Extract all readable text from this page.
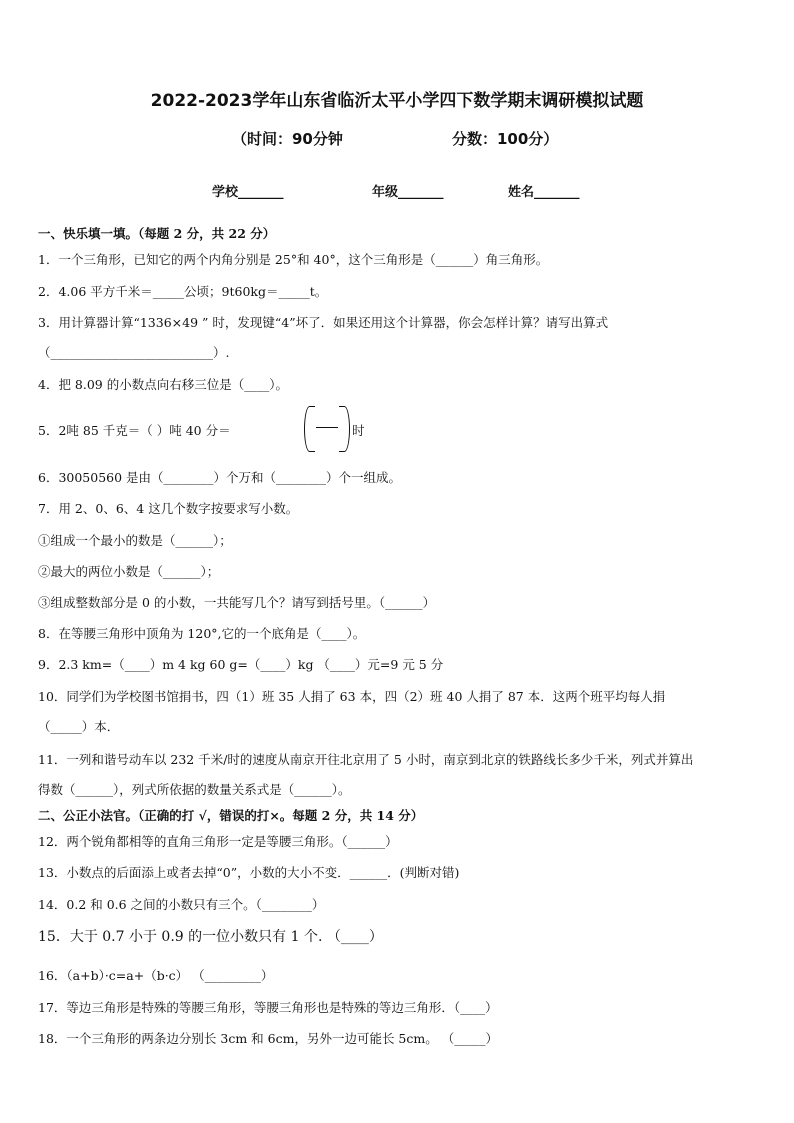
2022-2023学年山东省临沂太平小学四下数学期末调研模拟试题
（时间：90分钟	分数：100分）
学校_______	年级_______	姓名_______
一、快乐填一填。（每题 2 分，共 22 分）
1．一个三角形，已知它的两个内角分别是 25°和 40°，这个三角形是（______）角三角形。
2．4.06 平方千米＝_____公顷；9t60kg＝_____t。
3．用计算器计算“1336×49 ” 时，发现键“4”坏了．如果还用这个计算器，你会怎样计算？请写出算式
（__________________________）.
4．把 8.09 的小数点向右移三位是（____）。
5．2吨 85 千克＝（ ）吨 40 分＝	时
6．30050560 是由（________）个万和（________）个一组成。
7．用 2、0、6、4 这几个数字按要求写小数。
①组成一个最小的数是（______）；
②最大的两位小数是（______）；
③组成整数部分是 0 的小数，一共能写几个？请写到括号里。（______）
8．在等腰三角形中顶角为 120°,它的一个底角是（____）。
9．2.3 km=（____）m 4 kg 60 g=（____）kg （____）元=9 元 5 分
10．同学们为学校图书馆捐书，四（1）班 35 人捐了 63 本，四（2）班 40 人捐了 87 本．这两个班平均每人捐
（_____）本．
11．一列和谐号动车以 232 千米/时的速度从南京开往北京用了 5 小时，南京到北京的铁路线长多少千米，列式并算出
得数（______），列式所依据的数量关系式是（______）。
二、公正小法官。（正确的打 √，错误的打×。每题 2 分，共 14 分）
12．两个锐角都相等的直角三角形一定是等腰三角形。（______）
13．小数点的后面添上或者去掉“0”，小数的大小不变．______．(判断对错)
14．0.2 和 0.6 之间的小数只有三个。（________）
15．大于 0.7 小于 0.9 的一位小数只有 1 个. （____）
16．（a+b）·c=a+（b·c） （_________）
17．等边三角形是特殊的等腰三角形，等腰三角形也是特殊的等边三角形．（____）
18．一个三角形的两条边分别长 3cm 和 6cm，另外一边可能长 5cm。 （_____）
